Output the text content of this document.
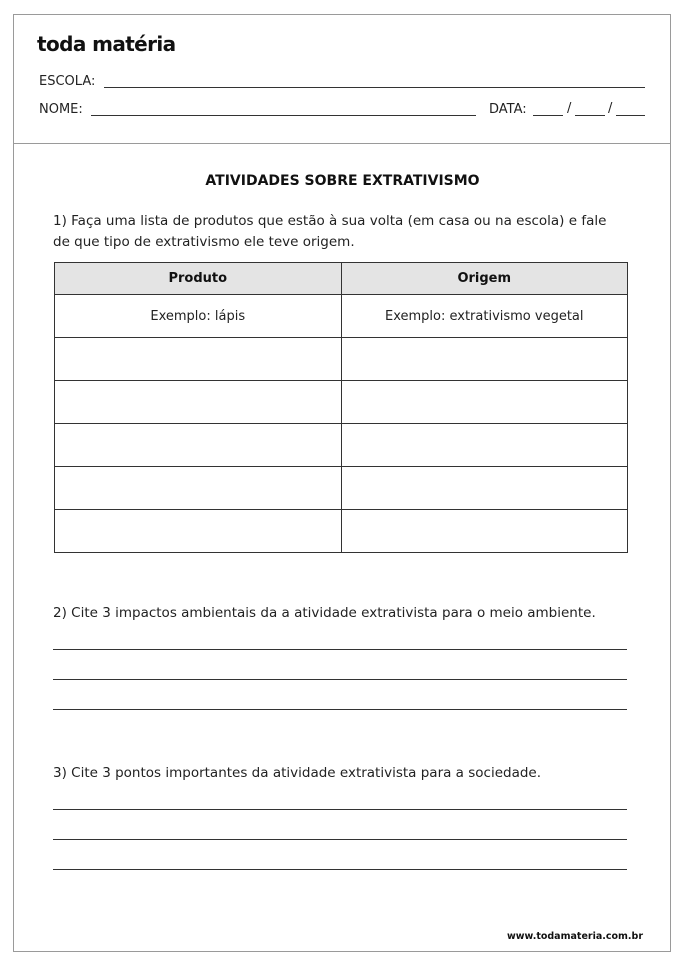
toda matéria
ESCOLA:
NOME:	DATA:	/	/
ATIVIDADES SOBRE EXTRATIVISMO
1) Faça uma lista de produtos que estão à sua volta (em casa ou na escola) e fale
de que tipo de extrativismo ele teve origem.
Produto	Origem
Exemplo: lápis	Exemplo: extrativismo vegetal

2) Cite 3 impactos ambientais da a atividade extrativista para o meio ambiente.
3) Cite 3 pontos importantes da atividade extrativista para a sociedade.
www.todamateria.com.br
